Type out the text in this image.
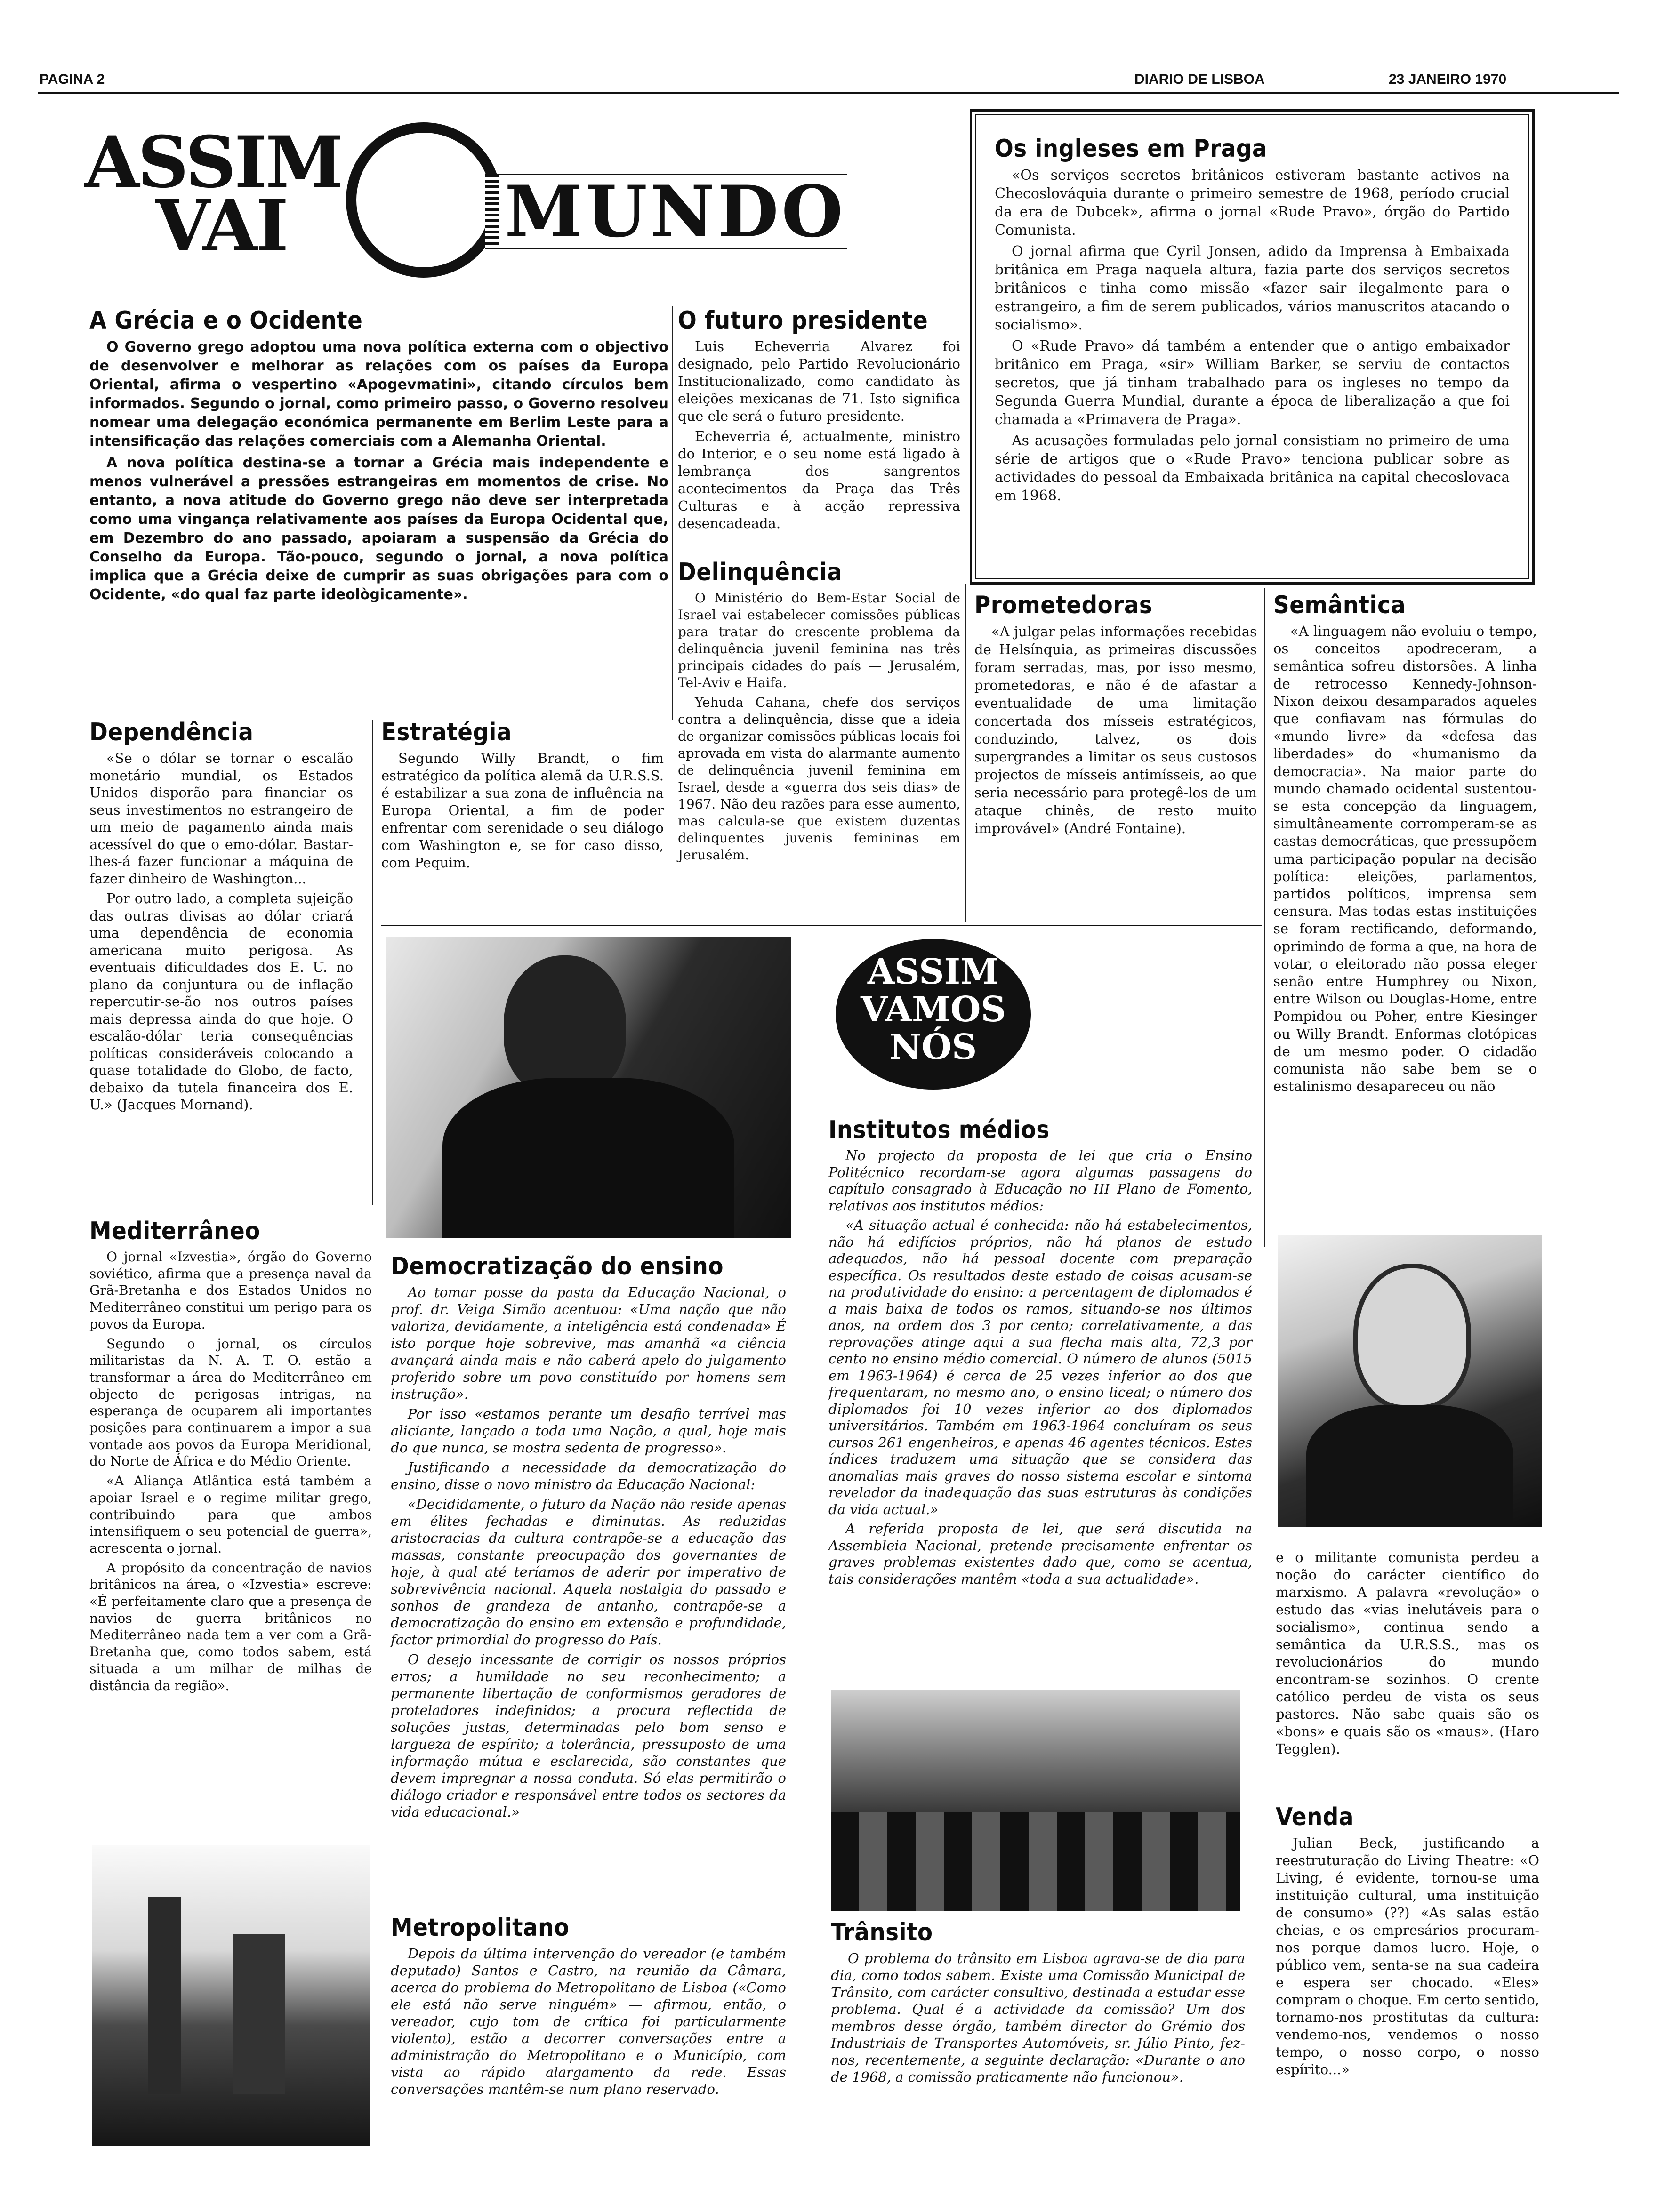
PAGINA 2	DIARIO DE LISBOA	23 JANEIRO 1970
ASSIM
VAI	MUNDO
Os ingleses em Praga

«Os serviços secretos britânicos estiveram bastante activos na Checoslováquia durante o primeiro semestre de 1968, período crucial da era de Dubcek», afirma o jornal «Rude Pravo», órgão do Partido Comunista.

O jornal afirma que Cyril Jonsen, adido da Imprensa à Embaixada britânica em Praga naquela altura, fazia parte dos serviços secretos britânicos e tinha como missão «fazer sair ilegalmente para o estrangeiro, a fim de serem publicados, vários manuscritos atacando o socialismo».

O «Rude Pravo» dá também a entender que o antigo embaixador britânico em Praga, «sir» William Barker, se serviu de contactos secretos, que já tinham trabalhado para os ingleses no tempo da Segunda Guerra Mundial, durante a época de liberalização a que foi chamada a «Primavera de Praga».

As acusações formuladas pelo jornal consistiam no primeiro de uma série de artigos que o «Rude Pravo» tenciona publicar sobre as actividades do pessoal da Embaixada britânica na capital checoslovaca em 1968.

A Grécia e o Ocidente

O Governo grego adoptou uma nova política externa com o objectivo de desenvolver e melhorar as relações com os países da Europa Oriental, afirma o vespertino «Apogevmatini», citando círculos bem informados. Segundo o jornal, como primeiro passo, o Governo resolveu nomear uma delegação económica permanente em Berlim Leste para a intensificação das relações comerciais com a Alemanha Oriental.

A nova política destina-se a tornar a Grécia mais independente e menos vulnerável a pressões estrangeiras em momentos de crise. No entanto, a nova atitude do Governo grego não deve ser interpretada como uma vingança relativamente aos países da Europa Ocidental que, em Dezembro do ano passado, apoiaram a suspensão da Grécia do Conselho da Europa. Tão-pouco, segundo o jornal, a nova política implica que a Grécia deixe de cumprir as suas obrigações para com o Ocidente, «do qual faz parte ideològicamente».

O futuro presidente

Luis Echeverria Alvarez foi designado, pelo Partido Revolucionário Institucionalizado, como candidato às eleições mexicanas de 71. Isto significa que ele será o futuro presidente.

Echeverria é, actualmente, ministro do Interior, e o seu nome está ligado à lembrança dos sangrentos acontecimentos da Praça das Três Culturas e à acção repressiva desencadeada.

Delinquência

O Ministério do Bem-Estar Social de Israel vai estabelecer comissões públicas para tratar do crescente problema da delinquência juvenil feminina nas três principais cidades do país — Jerusalém, Tel-Aviv e Haifa.

Yehuda Cahana, chefe dos serviços contra a delinquência, disse que a ideia de organizar comissões públicas locais foi aprovada em vista do alarmante aumento de delinquência juvenil feminina em Israel, desde a «guerra dos seis dias» de 1967. Não deu razões para esse aumento, mas calcula-se que existem duzentas delinquentes juvenis femininas em Jerusalém.

Prometedoras

«A julgar pelas informações recebidas de Helsínquia, as primeiras discussões foram serradas, mas, por isso mesmo, prometedoras, e não é de afastar a eventualidade de uma limitação concertada dos mísseis estratégicos, conduzindo, talvez, os dois supergrandes a limitar os seus custosos projectos de mísseis antimísseis, ao que seria necessário para protegê-los de um ataque chinês, de resto muito improvável» (André Fontaine).

Semântica

«A linguagem não evoluiu o tempo, os conceitos apodreceram, a semântica sofreu distorsões. A linha de retrocesso Kennedy-Johnson-Nixon deixou desamparados aqueles que confiavam nas fórmulas do «mundo livre» da «defesa das liberdades» do «humanismo da democracia». Na maior parte do mundo chamado ocidental sustentou-se esta concepção da linguagem, simultâneamente corromperam-se as castas democráticas, que pressupõem uma participação popular na decisão política: eleições, parlamentos, partidos políticos, imprensa sem censura. Mas todas estas instituições se foram rectificando, deformando, oprimindo de forma a que, na hora de votar, o eleitorado não possa eleger senão entre Humphrey ou Nixon, entre Wilson ou Douglas-Home, entre Pompidou ou Poher, entre Kiesinger ou Willy Brandt. Enformas clotópicas de um mesmo poder. O cidadão comunista não sabe bem se o estalinismo desapareceu ou não

Dependência

«Se o dólar se tornar o escalão monetário mundial, os Estados Unidos disporão para financiar os seus investimentos no estrangeiro de um meio de pagamento ainda mais acessível do que o emo-dólar. Bastar-lhes-á fazer funcionar a máquina de fazer dinheiro de Washington...

Por outro lado, a completa sujeição das outras divisas ao dólar criará uma dependência de economia americana muito perigosa. As eventuais dificuldades dos E. U. no plano da conjuntura ou de inflação repercutir-se-ão nos outros países mais depressa ainda do que hoje. O escalão-dólar teria consequências políticas consideráveis colocando a quase totalidade do Globo, de facto, debaixo da tutela financeira dos E. U.» (Jacques Mornand).

Estratégia

Segundo Willy Brandt, o fim estratégico da política alemã da U.R.S.S. é estabilizar a sua zona de influência na Europa Oriental, a fim de poder enfrentar com serenidade o seu diálogo com Washington e, se for caso disso, com Pequim.

ASSIM
VAMOS
NÓS
Mediterrâneo

O jornal «Izvestia», órgão do Governo soviético, afirma que a presença naval da Grã-Bretanha e dos Estados Unidos no Mediterrâneo constitui um perigo para os povos da Europa.

Segundo o jornal, os círculos militaristas da N. A. T. O. estão a transformar a área do Mediterrâneo em objecto de perigosas intrigas, na esperança de ocuparem ali importantes posições para continuarem a impor a sua vontade aos povos da Europa Meridional, do Norte de África e do Médio Oriente.

«A Aliança Atlântica está também a apoiar Israel e o regime militar grego, contribuindo para que ambos intensifiquem o seu potencial de guerra», acrescenta o jornal.

A propósito da concentração de navios britânicos na área, o «Izvestia» escreve: «É perfeitamente claro que a presença de navios de guerra britânicos no Mediterrâneo nada tem a ver com a Grã-Bretanha que, como todos sabem, está situada a um milhar de milhas de distância da região».

Democratização do ensino

Ao tomar posse da pasta da Educação Nacional, o prof. dr. Veiga Simão acentuou: «Uma nação que não valoriza, devidamente, a inteligência está condenada» É isto porque hoje sobrevive, mas amanhã «a ciência avançará ainda mais e não caberá apelo do julgamento proferido sobre um povo constituído por homens sem instrução».

Por isso «estamos perante um desafio terrível mas aliciante, lançado a toda uma Nação, a qual, hoje mais do que nunca, se mostra sedenta de progresso».

Justificando a necessidade da democratização do ensino, disse o novo ministro da Educação Nacional:

«Decididamente, o futuro da Nação não reside apenas em élites fechadas e diminutas. As reduzidas aristocracias da cultura contrapõe-se a educação das massas, constante preocupação dos governantes de hoje, à qual até teríamos de aderir por imperativo de sobrevivência nacional. Aquela nostalgia do passado e sonhos de grandeza de antanho, contrapõe-se a democratização do ensino em extensão e profundidade, factor primordial do progresso do País.

O desejo incessante de corrigir os nossos próprios erros; a humildade no seu reconhecimento; a permanente libertação de conformismos geradores de proteladores indefinidos; a procura reflectida de soluções justas, determinadas pelo bom senso e largueza de espírito; a tolerância, pressuposto de uma informação mútua e esclarecida, são constantes que devem impregnar a nossa conduta. Só elas permitirão o diálogo criador e responsável entre todos os sectores da vida educacional.»

Metropolitano

Depois da última intervenção do vereador (e também deputado) Santos e Castro, na reunião da Câmara, acerca do problema do Metropolitano de Lisboa («Como ele está não serve ninguém» — afirmou, então, o vereador, cujo tom de crítica foi particularmente violento), estão a decorrer conversações entre a administração do Metropolitano e o Município, com vista ao rápido alargamento da rede. Essas conversações mantêm-se num plano reservado.

Institutos médios

No projecto da proposta de lei que cria o Ensino Politécnico recordam-se agora algumas passagens do capítulo consagrado à Educação no III Plano de Fomento, relativas aos institutos médios:

«A situação actual é conhecida: não há estabelecimentos, não há edifícios próprios, não há planos de estudo adequados, não há pessoal docente com preparação específica. Os resultados deste estado de coisas acusam-se na produtividade do ensino: a percentagem de diplomados é a mais baixa de todos os ramos, situando-se nos últimos anos, na ordem dos 3 por cento; correlativamente, a das reprovações atinge aqui a sua flecha mais alta, 72,3 por cento no ensino médio comercial. O número de alunos (5015 em 1963-1964) é cerca de 25 vezes inferior ao dos que frequentaram, no mesmo ano, o ensino liceal; o número dos diplomados foi 10 vezes inferior ao dos diplomados universitários. Também em 1963-1964 concluíram os seus cursos 261 engenheiros, e apenas 46 agentes técnicos. Estes índices traduzem uma situação que se considera das anomalias mais graves do nosso sistema escolar e sintoma revelador da inadequação das suas estruturas às condições da vida actual.»

A referida proposta de lei, que será discutida na Assembleia Nacional, pretende precisamente enfrentar os graves problemas existentes dado que, como se acentua, tais considerações mantêm «toda a sua actualidade».

Trânsito

O problema do trânsito em Lisboa agrava-se de dia para dia, como todos sabem. Existe uma Comissão Municipal de Trânsito, com carácter consultivo, destinada a estudar esse problema. Qual é a actividade da comissão? Um dos membros desse órgão, também director do Grémio dos Industriais de Transportes Automóveis, sr. Júlio Pinto, fez-nos, recentemente, a seguinte declaração: «Durante o ano de 1968, a comissão praticamente não funcionou».

e o militante comunista perdeu a noção do carácter científico do marxismo. A palavra «revolução» o estudo das «vias inelutáveis para o socialismo», continua sendo a semântica da U.R.S.S., mas os revolucionários do mundo encontram-se sozinhos. O crente católico perdeu de vista os seus pastores. Não sabe quais são os «bons» e quais são os «maus». (Haro Tegglen).

Venda

Julian Beck, justificando a reestruturação do Living Theatre: «O Living, é evidente, tornou-se uma instituição cultural, uma instituição de consumo» (??) «As salas estão cheias, e os empresários procuram-nos porque damos lucro. Hoje, o público vem, senta-se na sua cadeira e espera ser chocado. «Eles» compram o choque. Em certo sentido, tornamo-nos prostitutas da cultura: vendemo-nos, vendemos o nosso tempo, o nosso corpo, o nosso espírito...»
